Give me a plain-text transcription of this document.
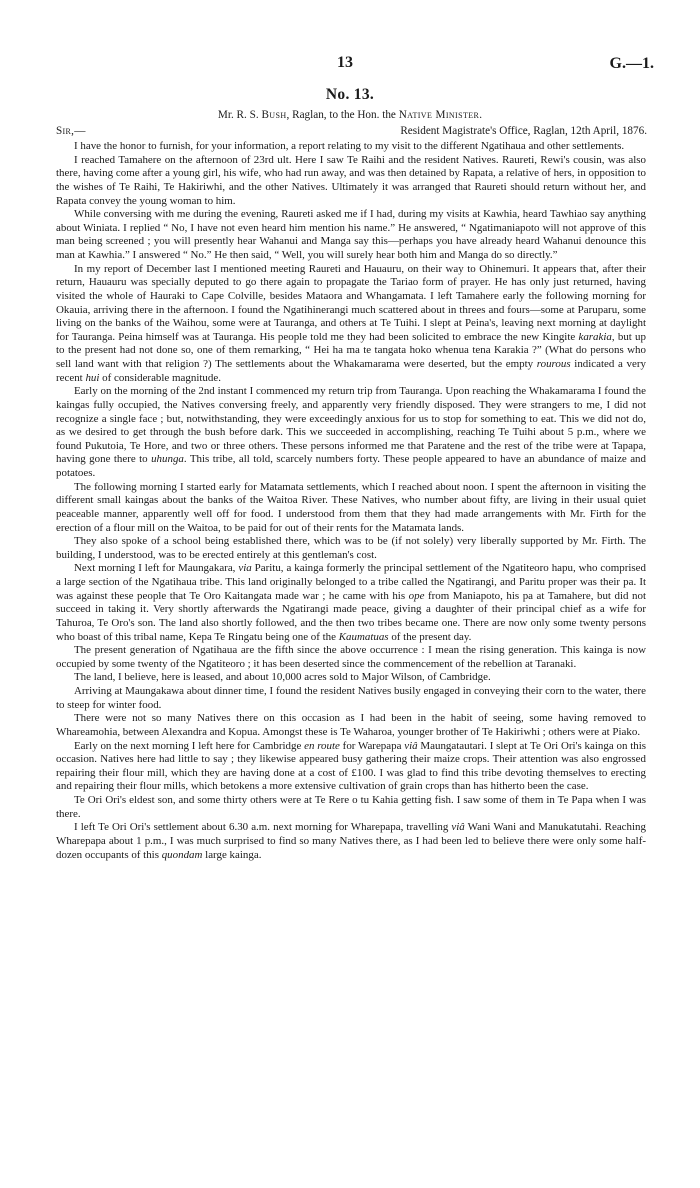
13	G.—1.
No. 13.
Mr. R. S. Bush, Raglan, to the Hon. the Native Minister.
Sir,—	Resident Magistrate's Office, Raglan, 12th April, 1876.

I have the honor to furnish, for your information, a report relating to my visit to the different Ngatihaua and other settlements.

I reached Tamahere on the afternoon of 23rd ult. Here I saw Te Raihi and the resident Natives. Raureti, Rewi's cousin, was also there, having come after a young girl, his wife, who had run away, and was then detained by Rapata, a relative of hers, in opposition to the wishes of Te Raihi, Te Hakiriwhi, and the other Natives. Ultimately it was arranged that Raureti should return without her, and Rapata convey the young woman to him.

While conversing with me during the evening, Raureti asked me if I had, during my visits at Kawhia, heard Tawhiao say anything about Winiata. I replied “ No, I have not even heard him mention his name.” He answered, “ Ngatimaniapoto will not approve of this man being screened ; you will presently hear Wahanui and Manga say this—perhaps you have already heard Wahanui denounce this man at Kawhia.” I answered “ No.” He then said, “ Well, you will surely hear both him and Manga do so directly.”

In my report of December last I mentioned meeting Raureti and Hauauru, on their way to Ohinemuri. It appears that, after their return, Hauauru was specially deputed to go there again to propagate the Tariao form of prayer. He has only just returned, having visited the whole of Hauraki to Cape Colville, besides Mataora and Whangamata. I left Tamahere early the following morning for Okauia, arriving there in the afternoon. I found the Ngatihinerangi much scattered about in threes and fours—some at Paruparu, some living on the banks of the Waihou, some were at Tauranga, and others at Te Tuihi. I slept at Peina's, leaving next morning at daylight for Tauranga. Peina himself was at Tauranga. His people told me they had been solicited to embrace the new Kingite karakia, but up to the present had not done so, one of them remarking, “ Hei ha ma te tangata hoko whenua tena Karakia ?” (What do persons who sell land want with that religion ?) The settlements about the Whakamarama were deserted, but the empty rourous indicated a very recent hui of considerable magnitude.

Early on the morning of the 2nd instant I commenced my return trip from Tauranga. Upon reaching the Whakamarama I found the kaingas fully occupied, the Natives conversing freely, and apparently very friendly disposed. They were strangers to me, I did not recognize a single face ; but, notwithstanding, they were exceedingly anxious for us to stop for something to eat. This we did not do, as we desired to get through the bush before dark. This we succeeded in accomplishing, reaching Te Tuihi about 5 p.m., where we found Pukutoia, Te Hore, and two or three others. These persons informed me that Paratene and the rest of the tribe were at Tapapa, having gone there to uhunga. This tribe, all told, scarcely numbers forty. These people appeared to have an abundance of maize and potatoes.

The following morning I started early for Matamata settlements, which I reached about noon. I spent the afternoon in visiting the different small kaingas about the banks of the Waitoa River. These Natives, who number about fifty, are living in their usual quiet peaceable manner, apparently well off for food. I understood from them that they had made arrangements with Mr. Firth for the erection of a flour mill on the Waitoa, to be paid for out of their rents for the Matamata lands.

They also spoke of a school being established there, which was to be (if not solely) very liberally supported by Mr. Firth. The building, I understood, was to be erected entirely at this gentleman's cost.

Next morning I left for Maungakara, via Paritu, a kainga formerly the principal settlement of the Ngatiteoro hapu, who comprised a large section of the Ngatihaua tribe. This land originally belonged to a tribe called the Ngatirangi, and Paritu proper was their pa. It was against these people that Te Oro Kaitangata made war ; he came with his ope from Maniapoto, his pa at Tamahere, but did not succeed in taking it. Very shortly afterwards the Ngatirangi made peace, giving a daughter of their principal chief as a wife for Tahuroa, Te Oro's son. The land also shortly followed, and the then two tribes became one. There are now only some twenty persons who boast of this tribal name, Kepa Te Ringatu being one of the Kaumatuas of the present day.

The present generation of Ngatihaua are the fifth since the above occurrence : I mean the rising generation. This kainga is now occupied by some twenty of the Ngatiteoro ; it has been deserted since the commencement of the rebellion at Taranaki.

The land, I believe, here is leased, and about 10,000 acres sold to Major Wilson, of Cambridge.

Arriving at Maungakawa about dinner time, I found the resident Natives busily engaged in conveying their corn to the water, there to steep for winter food.

There were not so many Natives there on this occasion as I had been in the habit of seeing, some having removed to Whareamohia, between Alexandra and Kopua. Amongst these is Te Waharoa, younger brother of Te Hakiriwhi ; others were at Piako.

Early on the next morning I left here for Cambridge en route for Warepapa viâ Maungatautari. I slept at Te Ori Ori's kainga on this occasion. Natives here had little to say ; they likewise appeared busy gathering their maize crops. Their attention was also engrossed repairing their flour mill, which they are having done at a cost of £100. I was glad to find this tribe devoting themselves to erecting and repairing their flour mills, which betokens a more extensive cultivation of grain crops than has hitherto been the case.

Te Ori Ori's eldest son, and some thirty others were at Te Rere o tu Kahia getting fish. I saw some of them in Te Papa when I was there.

I left Te Ori Ori's settlement about 6.30 a.m. next morning for Wharepapa, travelling viâ Wani Wani and Manukatutahi. Reaching Wharepapa about 1 p.m., I was much surprised to find so many Natives there, as I had been led to believe there were only some half-dozen occupants of this quondam large kainga.
